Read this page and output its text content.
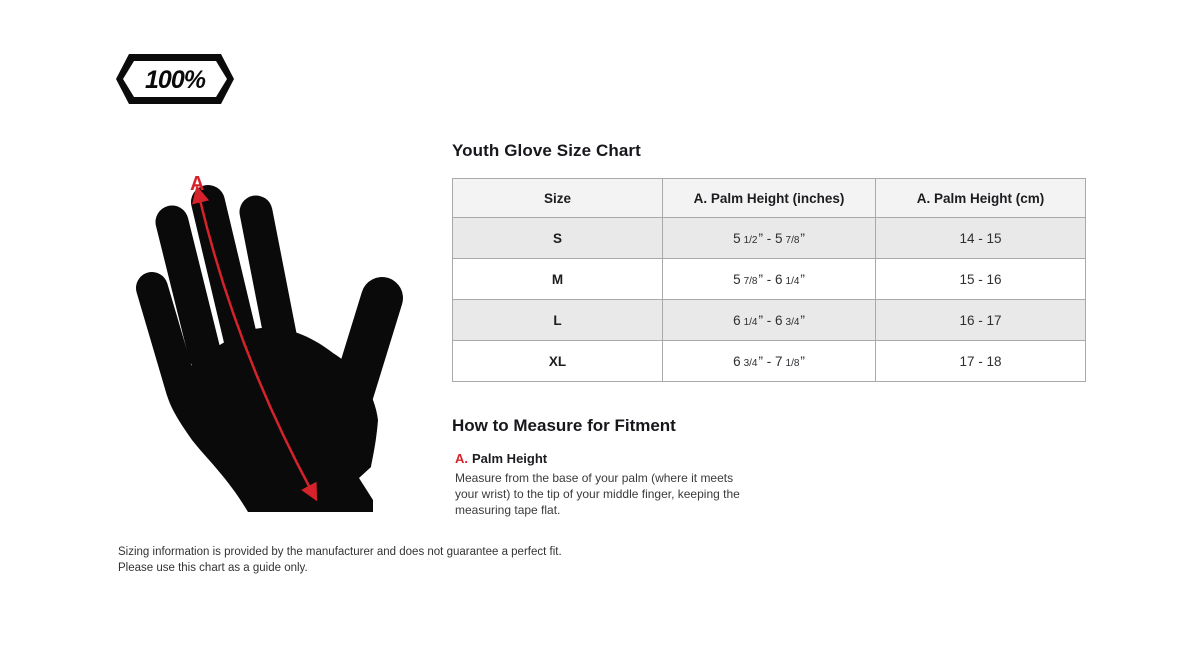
100%
A
Youth Glove Size Chart
Size	A. Palm Height (inches)	A. Palm Height (cm)
S	5 1/2” - 5 7/8”	14 - 15
M	5 7/8” - 6 1/4”	15 - 16
L	6 1/4” - 6 3/4”	16 - 17
XL	6 3/4” - 7 1/8”	17 - 18
How to Measure for Fitment
A. Palm Height
Measure from the base of your palm (where it meets your wrist) to the tip of your middle finger, keeping the measuring tape flat.
Sizing information is provided by the manufacturer and does not guarantee a perfect fit.
Please use this chart as a guide only.
